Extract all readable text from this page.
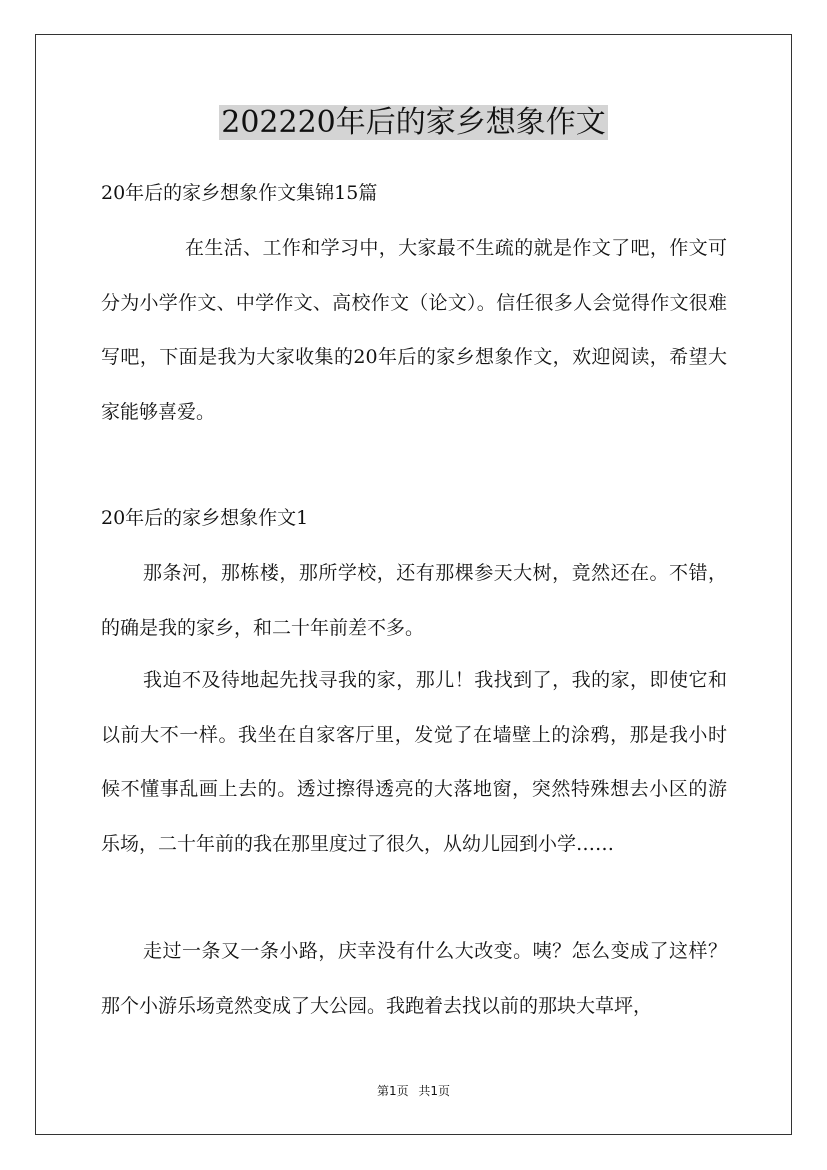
202220年后的家乡想象作文

20年后的家乡想象作文集锦15篇

在生活、工作和学习中，大家最不生疏的就是作文了吧，作文可分为小学作文、中学作文、高校作文（论文）。信任很多人会觉得作文很难写吧，下面是我为大家收集的20年后的家乡想象作文，欢迎阅读，希望大家能够喜爱。

20年后的家乡想象作文1

那条河，那栋楼，那所学校，还有那棵参天大树，竟然还在。不错，的确是我的家乡，和二十年前差不多。

我迫不及待地起先找寻我的家，那儿！我找到了，我的家，即使它和以前大不一样。我坐在自家客厅里，发觉了在墙壁上的涂鸦，那是我小时候不懂事乱画上去的。透过擦得透亮的大落地窗，突然特殊想去小区的游乐场，二十年前的我在那里度过了很久，从幼儿园到小学……

走过一条又一条小路，庆幸没有什么大改变。咦？怎么变成了这样？那个小游乐场竟然变成了大公园。我跑着去找以前的那块大草坪，

第1页 共1页
